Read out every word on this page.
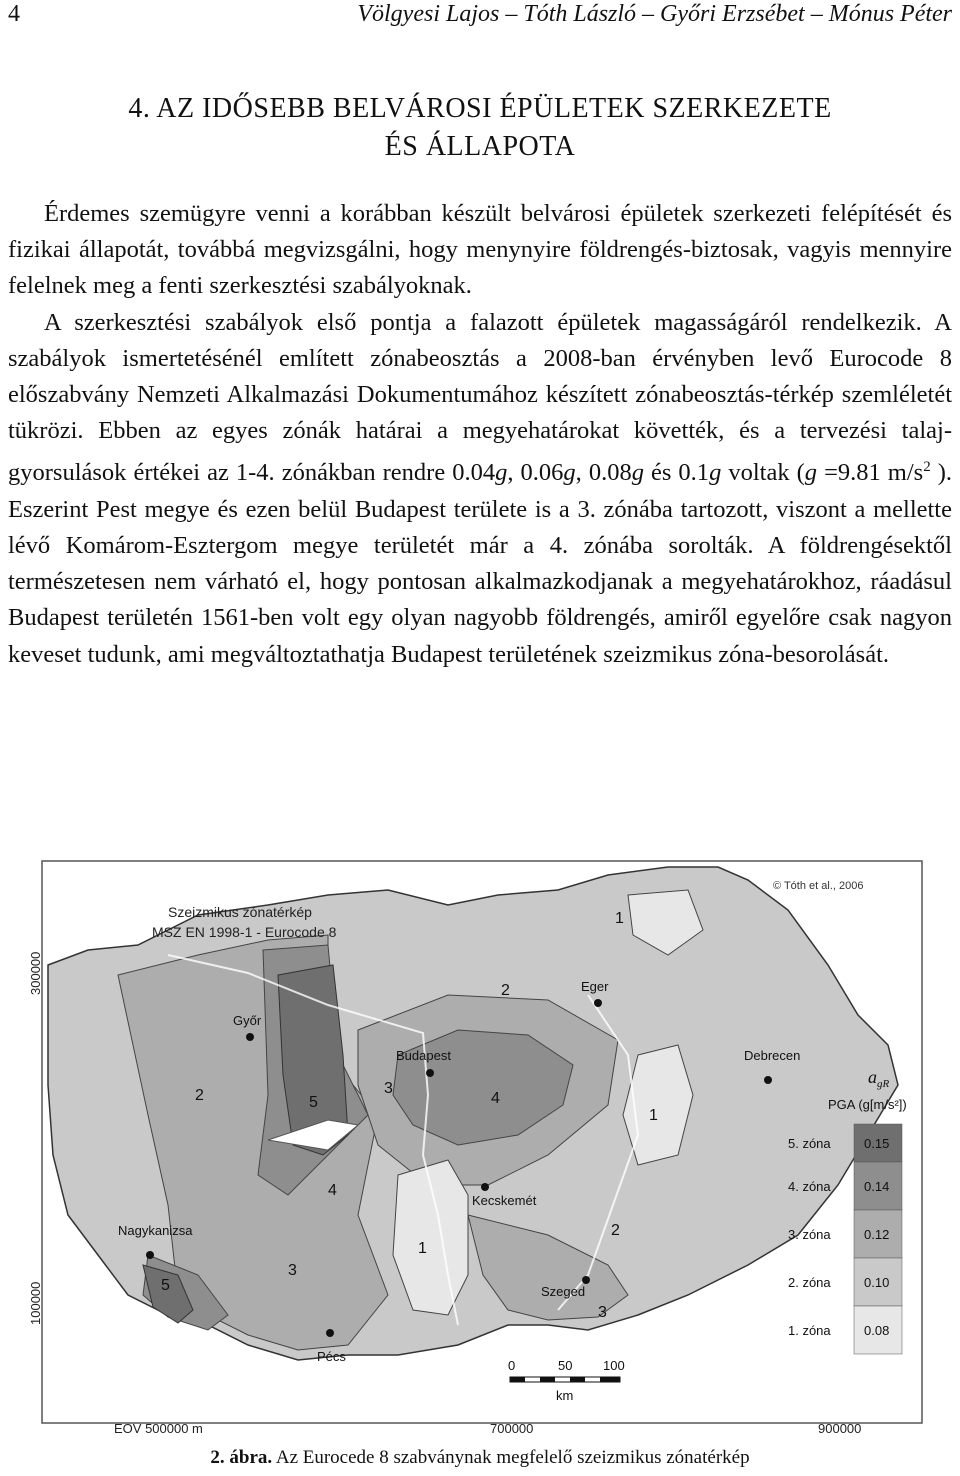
4	Völgyesi Lajos – Tóth László – Győri Erzsébet – Mónus Péter
4. AZ IDŐSEBB BELVÁROSI ÉPÜLETEK SZERKEZETE
ÉS ÁLLAPOTA

Érdemes szemügyre venni a korábban készült belvárosi épületek szerkezeti felépítését és fizikai állapotát, továbbá megvizsgálni, hogy menynyire földrengés-biztosak, vagyis mennyire felelnek meg a fenti szerkesztési szabályoknak.

A szerkesztési szabályok első pontja a falazott épületek magasságáról rendelkezik. A szabályok ismertetésénél említett zónabeosztás a 2008-ban érvényben levő Eurocode 8 előszabvány Nemzeti Alkalmazási Dokumentumához készített zónabeosztás-térkép szemléletét tükrözi. Ebben az egyes zónák határai a megyehatárokat követték, és a tervezési talajgyorsulások értékei az 1-4. zónákban rendre 0.04g, 0.06g, 0.08g és 0.1g voltak (g =9.81 $m/s^2$ ). Eszerint Pest megye és ezen belül Budapest területe is a 3. zónába tartozott, viszont a mellette lévő Komárom-Esztergom megye területét már a 4. zónába sorolták. A földrengésektől természetesen nem várható el, hogy pontosan alkalmazkodjanak a megyehatárokhoz, ráadásul Budapest területén 1561-ben volt egy olyan nagyobb földrengés, amiről egyelőre csak nagyon keveset tudunk, ami megváltoztathatja Budapest területének szeizmikus zóna-besorolását.

Szeizmikus zónatérkép
MSZ EN 1998-1 - Eurocode 8
© Tóth et al., 2006
300000
100000
EOV 500000 m	700000	900000
Győr
Budapest
Eger
Debrecen
Kecskemét
Nagykanizsa
Szeged
Pécs
1
2
2	5
3
4
1
4
1
2
3
5
3
0	50 100
km
$a_{gR}$
PGA (g[m/s²])
5. zóna	0.15
4. zóna	0.14
3. zóna	0.12
2. zóna	0.10
1. zóna	0.08
2. ábra. Az Eurocede 8 szabványnak megfelelő szeizmikus zónatérkép
